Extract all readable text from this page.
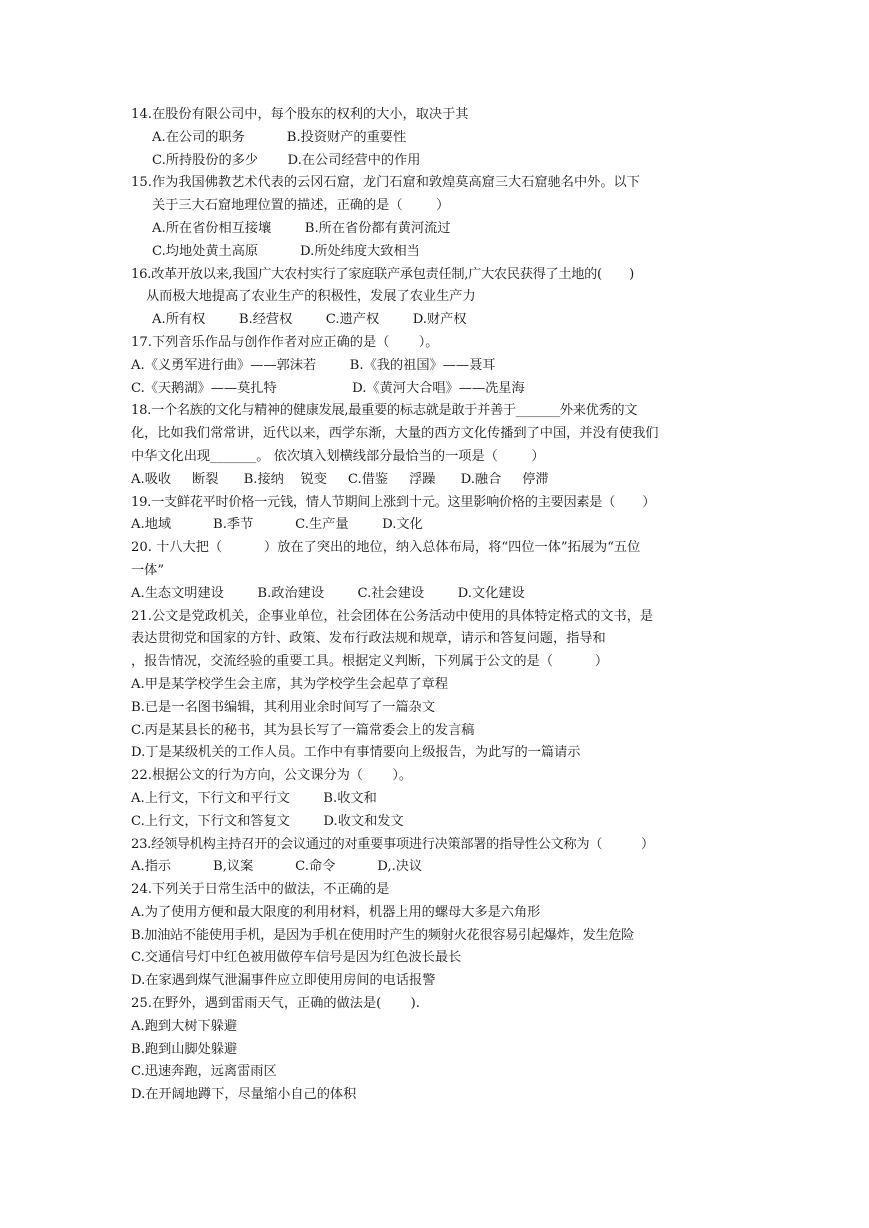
14.在股份有限公司中，每个股东的权利的大小，取决于其
A.在公司的职务          B.投资财产的重要性
C.所持股份的多少       D.在公司经营中的作用
15.作为我国佛教艺术代表的云冈石窟，龙门石窟和敦煌莫高窟三大石窟驰名中外。以下
关于三大石窟地理位置的描述，正确的是（        ）
A.所在省份相互接壤        B.所在省份都有黄河流过
C.均地处黄土高原          D.所处纬度大致相当
16.改革开放以来,我国广大农村实行了家庭联产承包责任制,广大农民获得了土地的(       )
从而极大地提高了农业生产的积极性，发展了农业生产力
A.所有权        B.经营权        C.遗产权        D.财产权
17.下列音乐作品与创作作者对应正确的是（       ）。
A.《义勇军进行曲》——郭沫若        B.《我的祖国》——聂耳
C.《天鹅湖》——莫扎特                  D.《黄河大合唱》——冼星海
18.一个名族的文化与精神的健康发展,最重要的标志就是敢于并善于_______外来优秀的文
化，比如我们常常讲，近代以来，西学东渐，大量的西方文化传播到了中国，并没有使我们
中华文化出现_______。 依次填入划横线部分最恰当的一项是（        ）
A.吸收     断裂      B.接纳    锐变     C.借鉴     浮躁      D.融合     停滞
19.一支鲜花平时价格一元钱，情人节期间上涨到十元。这里影响价格的主要因素是（       ）
A.地域          B.季节          C.生产量        D.文化
20. 十八大把（          ）放在了突出的地位，纳入总体布局，将“四位一体”拓展为“五位
一体”
A.生态文明建设        B.政治建设        C.社会建设        D.文化建设
21.公文是党政机关，企事业单位，社会团体在公务活动中使用的具体特定格式的文书，是
表达贯彻党和国家的方针、政策、发布行政法规和规章，请示和答复问题，指导和
，报告情况，交流经验的重要工具。根据定义判断，下列属于公文的是（          ）
A.甲是某学校学生会主席，其为学校学生会起草了章程
B.已是一名图书编辑，其利用业余时间写了一篇杂文
C.丙是某县长的秘书，其为县长写了一篇常委会上的发言稿
D.丁是某级机关的工作人员。工作中有事情要向上级报告，为此写的一篇请示
22.根据公文的行为方向，公文课分为（       ）。
A.上行文，下行文和平行文        B.收文和
C.上行文，下行文和答复文        D.收文和发文
23.经领导机构主持召开的会议通过的对重要事项进行决策部署的指导性公文称为（          ）
A.指示          B,议案          C.命令          D,.决议
24.下列关于日常生活中的做法，不正确的是
A.为了使用方便和最大限度的利用材料，机器上用的螺母大多是六角形
B.加油站不能使用手机，是因为手机在使用时产生的频射火花很容易引起爆炸，发生危险
C.交通信号灯中红色被用做停车信号是因为红色波长最长
D.在家遇到煤气泄漏事件应立即使用房间的电话报警
25.在野外，遇到雷雨天气，正确的做法是(       ).
A.跑到大树下躲避
B.跑到山脚处躲避
C.迅速奔跑，远离雷雨区
D.在开阔地蹲下，尽量缩小自己的体积
